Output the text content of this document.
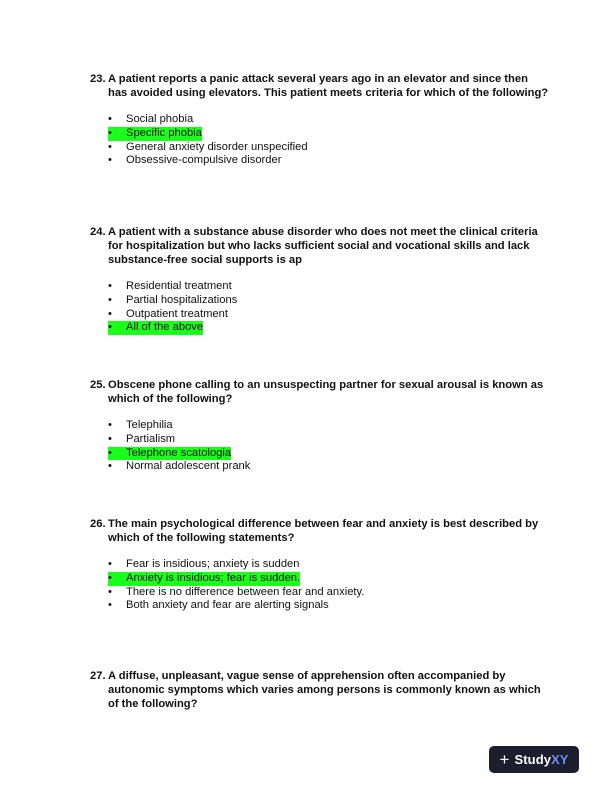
23. A patient reports a panic attack several years ago in an elevator and since then has avoided using elevators. This patient meets criteria for which of the following?
•	Social phobia
•	Specific phobia
•	General anxiety disorder unspecified
•	Obsessive-compulsive disorder
24. A patient with a substance abuse disorder who does not meet the clinical criteria for hospitalization but who lacks sufficient social and vocational skills and lack substance-free social supports is ap
•	Residential treatment
•	Partial hospitalizations
•	Outpatient treatment
•	All of the above
25. Obscene phone calling to an unsuspecting partner for sexual arousal is known as which of the following?
•	Telephilia
•	Partialism
•	Telephone scatologia
•	Normal adolescent prank
26. The main psychological difference between fear and anxiety is best described by which of the following statements?
•	Fear is insidious; anxiety is sudden
•	Anxiety is insidious; fear is sudden.
•	There is no difference between fear and anxiety.
•	Both anxiety and fear are alerting signals
27. A diffuse, unpleasant, vague sense of apprehension often accompanied by autonomic symptoms which varies among persons is commonly known as which of the following?
+ Study XY
